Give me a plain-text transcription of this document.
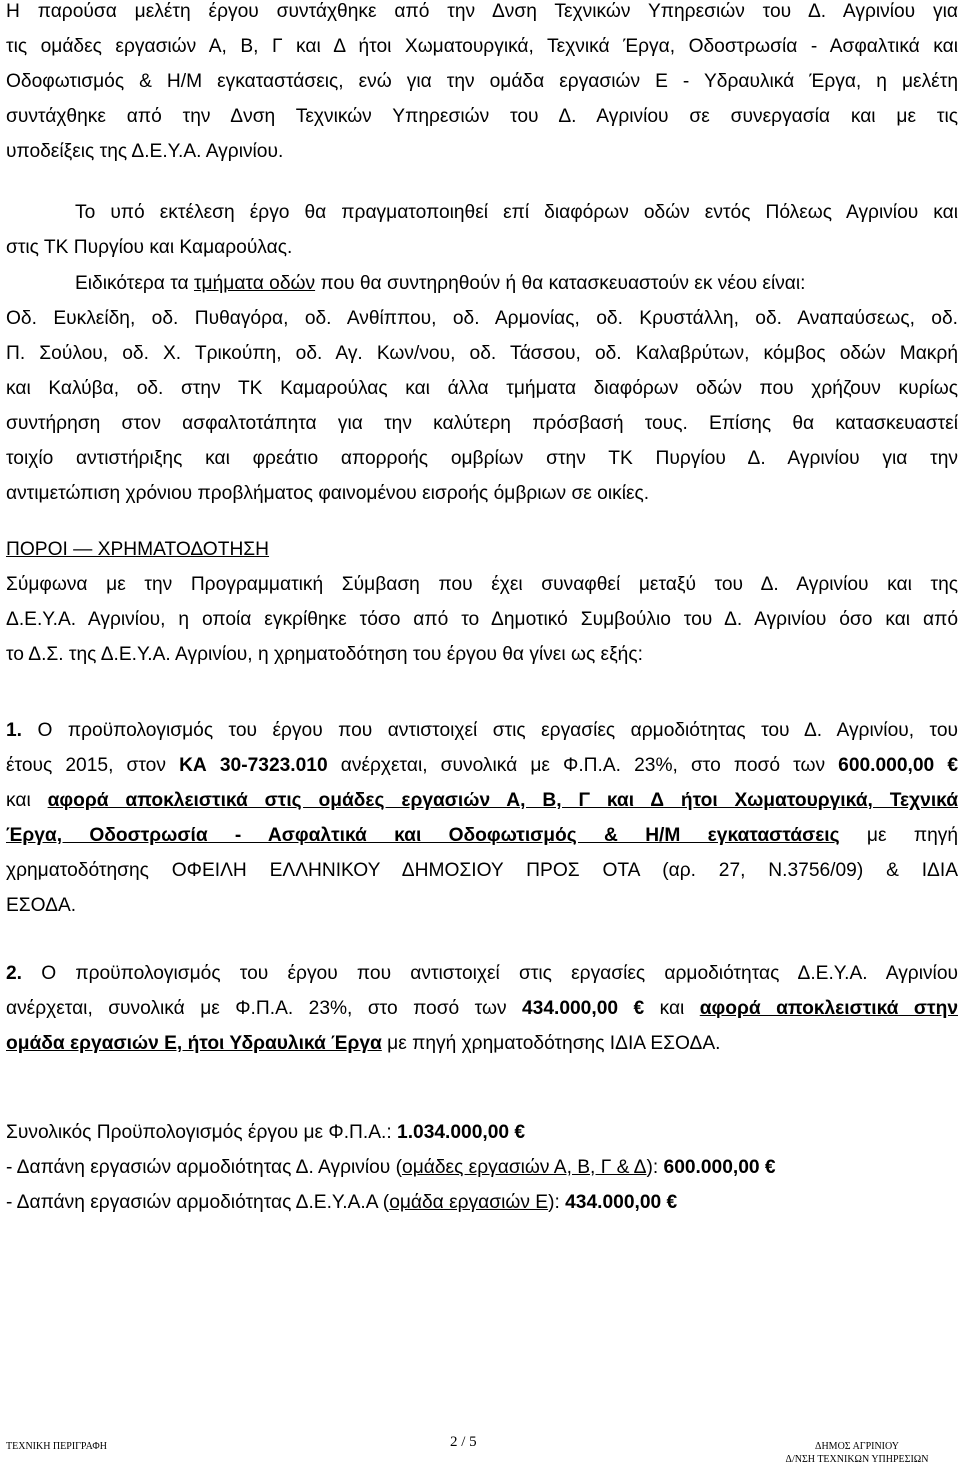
Η παρούσα μελέτη έργου συντάχθηκε από την Δνση Τεχνικών Υπηρεσιών του Δ. Αγρινίου για
τις ομάδες εργασιών Α, Β, Γ και Δ ήτοι Χωματουργικά, Τεχνικά Έργα, Οδοστρωσία - Ασφαλτικά και
Οδοφωτισμός & Η/Μ εγκαταστάσεις, ενώ για την ομάδα εργασιών Ε - Υδραυλικά Έργα, η μελέτη
συντάχθηκε από την Δνση Τεχνικών Υπηρεσιών του Δ. Αγρινίου σε συνεργασία και με τις
υποδείξεις της Δ.Ε.Υ.Α. Αγρινίου.
Το υπό εκτέλεση έργο θα πραγματοποιηθεί επί διαφόρων οδών εντός Πόλεως Αγρινίου και
στις ΤΚ Πυργίου και Καμαρούλας.
Ειδικότερα τα τμήματα οδών που θα συντηρηθούν ή θα κατασκευαστούν εκ νέου είναι:
Οδ. Ευκλείδη, οδ. Πυθαγόρα, οδ. Ανθίππου, οδ. Αρμονίας, οδ. Κρυστάλλη, οδ. Αναπαύσεως, οδ.
Π. Σούλου, οδ. Χ. Τρικούπη, οδ. Αγ. Κων/νου, οδ. Τάσσου, οδ. Καλαβρύτων, κόμβος οδών Μακρή
και Καλύβα, οδ. στην ΤΚ Καμαρούλας και άλλα τμήματα διαφόρων οδών που χρήζουν κυρίως
συντήρηση στον ασφαλτοτάπητα για την καλύτερη πρόσβασή τους. Επίσης θα κατασκευαστεί
τοιχίο αντιστήριξης και φρεάτιο απορροής ομβρίων στην ΤΚ Πυργίου Δ. Αγρινίου για την
αντιμετώπιση χρόνιου προβλήματος φαινομένου εισροής όμβριων σε οικίες.
ΠΟΡΟΙ — ΧΡΗΜΑΤΟΔΟΤΗΣΗ
Σύμφωνα με την Προγραμματική Σύμβαση που έχει συναφθεί μεταξύ του Δ. Αγρινίου και της
Δ.Ε.Υ.Α. Αγρινίου, η οποία εγκρίθηκε τόσο από το Δημοτικό Συμβούλιο του Δ. Αγρινίου όσο και από
το Δ.Σ. της Δ.Ε.Υ.Α. Αγρινίου, η χρηματοδότηση του έργου θα γίνει ως εξής:
1. Ο προϋπολογισμός του έργου που αντιστοιχεί στις εργασίες αρμοδιότητας του Δ. Αγρινίου, του
έτους 2015, στον ΚΑ 30-7323.010 ανέρχεται, συνολικά με Φ.Π.Α. 23%, στο ποσό των 600.000,00 €
και αφορά αποκλειστικά στις ομάδες εργασιών Α, Β, Γ και Δ ήτοι Χωματουργικά, Τεχνικά
Έργα, Οδοστρωσία - Ασφαλτικά και Οδοφωτισμός & Η/Μ εγκαταστάσεις με πηγή
χρηματοδότησης ΟΦΕΙΛΗ ΕΛΛΗΝΙΚΟΥ ΔΗΜΟΣΙΟΥ ΠΡΟΣ ΟΤΑ (αρ. 27, Ν.3756/09) & ΙΔΙΑ
ΕΣΟΔΑ.
2. Ο προϋπολογισμός του έργου που αντιστοιχεί στις εργασίες αρμοδιότητας Δ.Ε.Υ.Α. Αγρινίου
ανέρχεται, συνολικά με Φ.Π.Α. 23%, στο ποσό των 434.000,00 € και αφορά αποκλειστικά στην
ομάδα εργασιών Ε, ήτοι Υδραυλικά Έργα με πηγή χρηματοδότησης ΙΔΙΑ ΕΣΟΔΑ.
Συνολικός Προϋπολογισμός έργου με Φ.Π.Α.: 1.034.000,00 €
- Δαπάνη εργασιών αρμοδιότητας Δ. Αγρινίου (ομάδες εργασιών Α, Β, Γ & Δ): 600.000,00 €
- Δαπάνη εργασιών αρμοδιότητας Δ.Ε.Υ.Α.Α (ομάδα εργασιών Ε): 434.000,00 €
ΤΕΧΝΙΚΗ ΠΕΡΙΓΡΑΦΗ	2 / 5	ΔΗΜΟΣ ΑΓΡΙΝΙΟΥ
Δ/ΝΣΗ ΤΕΧΝΙΚΩΝ ΥΠΗΡΕΣΙΩΝ
